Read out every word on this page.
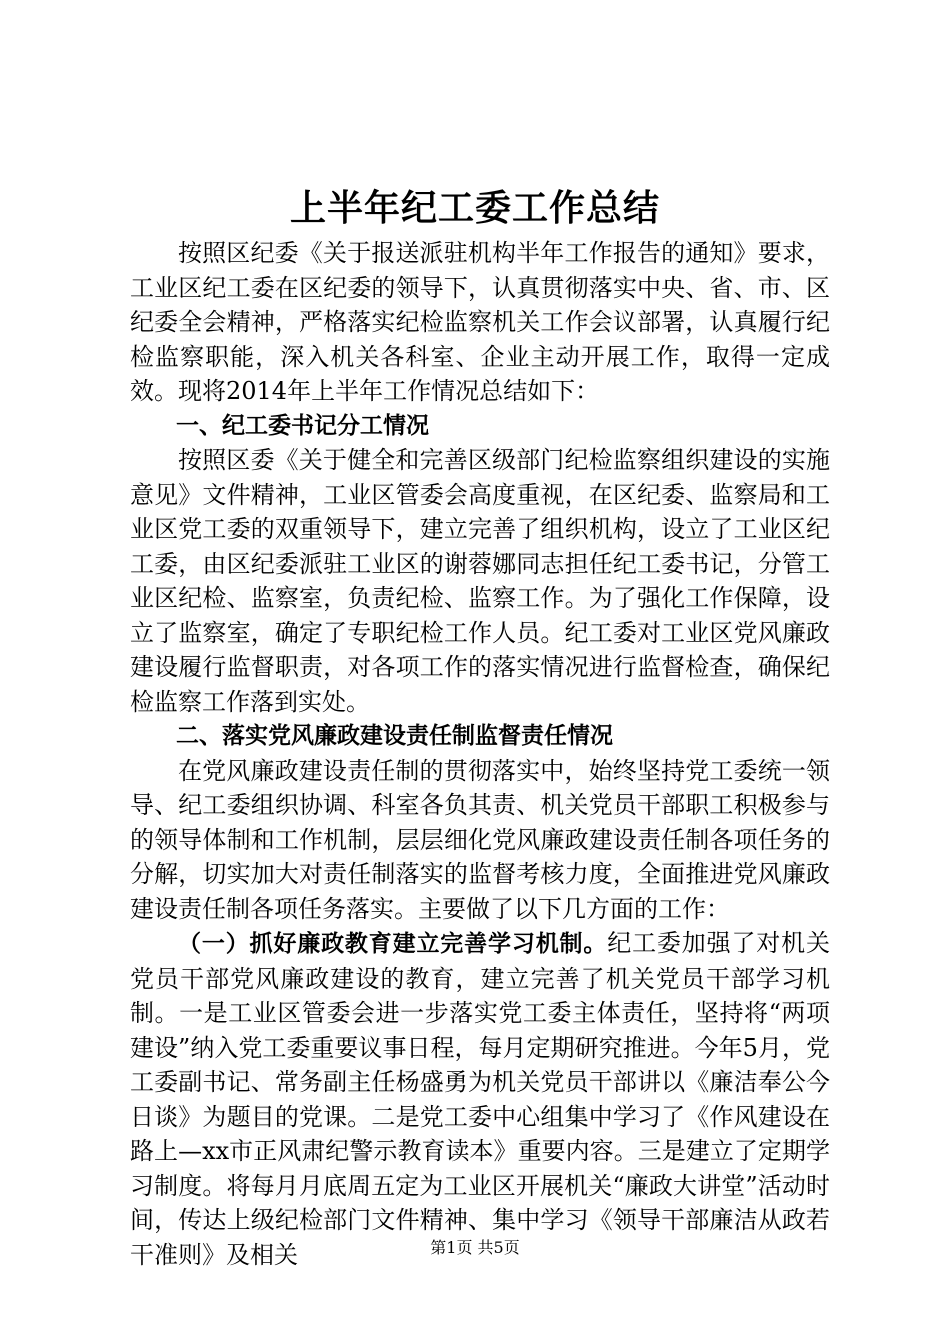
上半年纪工委工作总结

按照区纪委《关于报送派驻机构半年工作报告的通知》要求，工业区纪工委在区纪委的领导下，认真贯彻落实中央、省、市、区纪委全会精神，严格落实纪检监察机关工作会议部署，认真履行纪检监察职能，深入机关各科室、企业主动开展工作，取得一定成效。现将2014年上半年工作情况总结如下：

一、纪工委书记分工情况

按照区委《关于健全和完善区级部门纪检监察组织建设的实施意见》文件精神，工业区管委会高度重视，在区纪委、监察局和工业区党工委的双重领导下，建立完善了组织机构，设立了工业区纪工委，由区纪委派驻工业区的谢蓉娜同志担任纪工委书记，分管工业区纪检、监察室，负责纪检、监察工作。为了强化工作保障，设立了监察室，确定了专职纪检工作人员。纪工委对工业区党风廉政建设履行监督职责，对各项工作的落实情况进行监督检查，确保纪检监察工作落到实处。

二、落实党风廉政建设责任制监督责任情况

在党风廉政建设责任制的贯彻落实中，始终坚持党工委统一领导、纪工委组织协调、科室各负其责、机关党员干部职工积极参与的领导体制和工作机制，层层细化党风廉政建设责任制各项任务的分解，切实加大对责任制落实的监督考核力度，全面推进党风廉政建设责任制各项任务落实。主要做了以下几方面的工作：

（一）抓好廉政教育建立完善学习机制。纪工委加强了对机关党员干部党风廉政建设的教育，建立完善了机关党员干部学习机制。一是工业区管委会进一步落实党工委主体责任，坚持将“两项建设”纳入党工委重要议事日程，每月定期研究推进。今年5月，党工委副书记、常务副主任杨盛勇为机关党员干部讲以《廉洁奉公今日谈》为题目的党课。二是党工委中心组集中学习了《作风建设在路上—xx市正风肃纪警示教育读本》重要内容。三是建立了定期学习制度。将每月月底周五定为工业区开展机关“廉政大讲堂”活动时间，传达上级纪检部门文件精神、集中学习《领导干部廉洁从政若干准则》及相关	第1页 共5页
